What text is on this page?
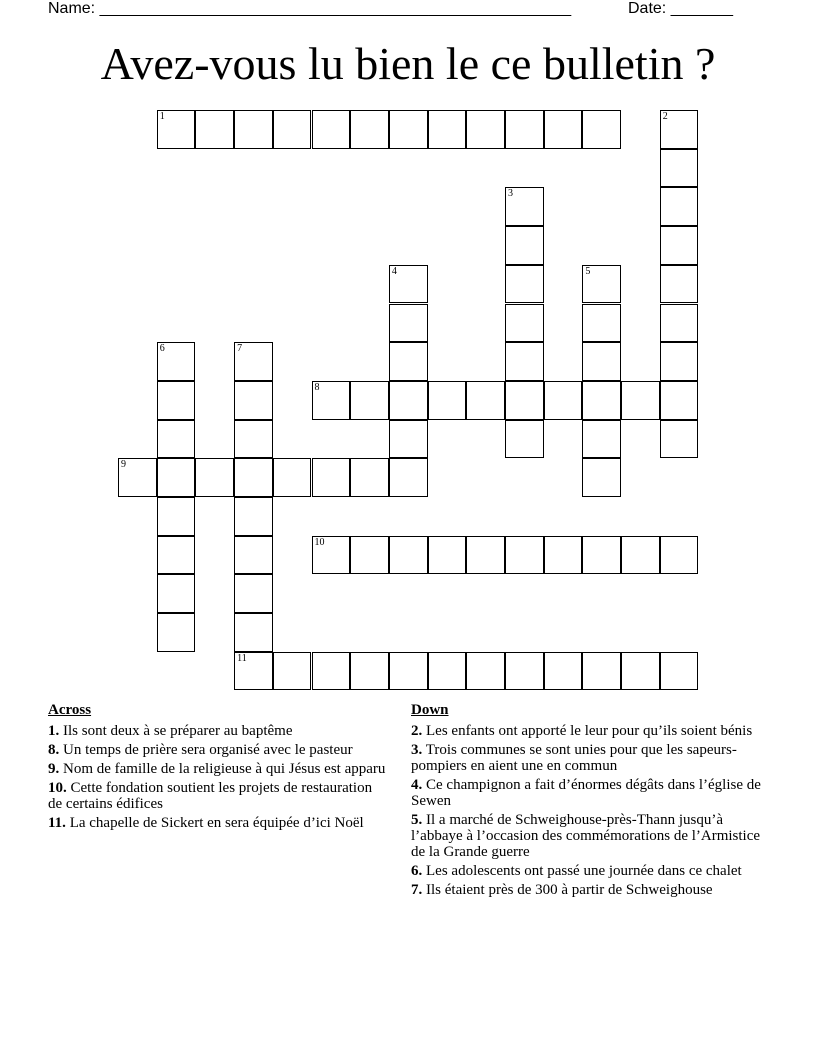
Name: _____________________________________________________	Date: _______
Avez-vous lu bien le ce bulletin ?
1
8
9
10
11
2
3
4	5
6	7
Across
1. Ils sont deux à se préparer au baptême
8. Un temps de prière sera organisé avec le pasteur
9. Nom de famille de la religieuse à qui Jésus est apparu
10. Cette fondation soutient les projets de restauration de certains édifices
11. La chapelle de Sickert en sera équipée d’ici Noël
Down
2. Les enfants ont apporté le leur pour qu’ils soient bénis
3. Trois communes se sont unies pour que les sapeurs-pompiers en aient une en commun
4. Ce champignon a fait d’énormes dégâts dans l’église de Sewen
5. Il a marché de Schweighouse-près-Thann jusqu’à l’abbaye à l’occasion des commémorations de l’Armistice de la Grande guerre
6. Les adolescents ont passé une journée dans ce chalet
7. Ils étaient près de 300 à partir de Schweighouse
